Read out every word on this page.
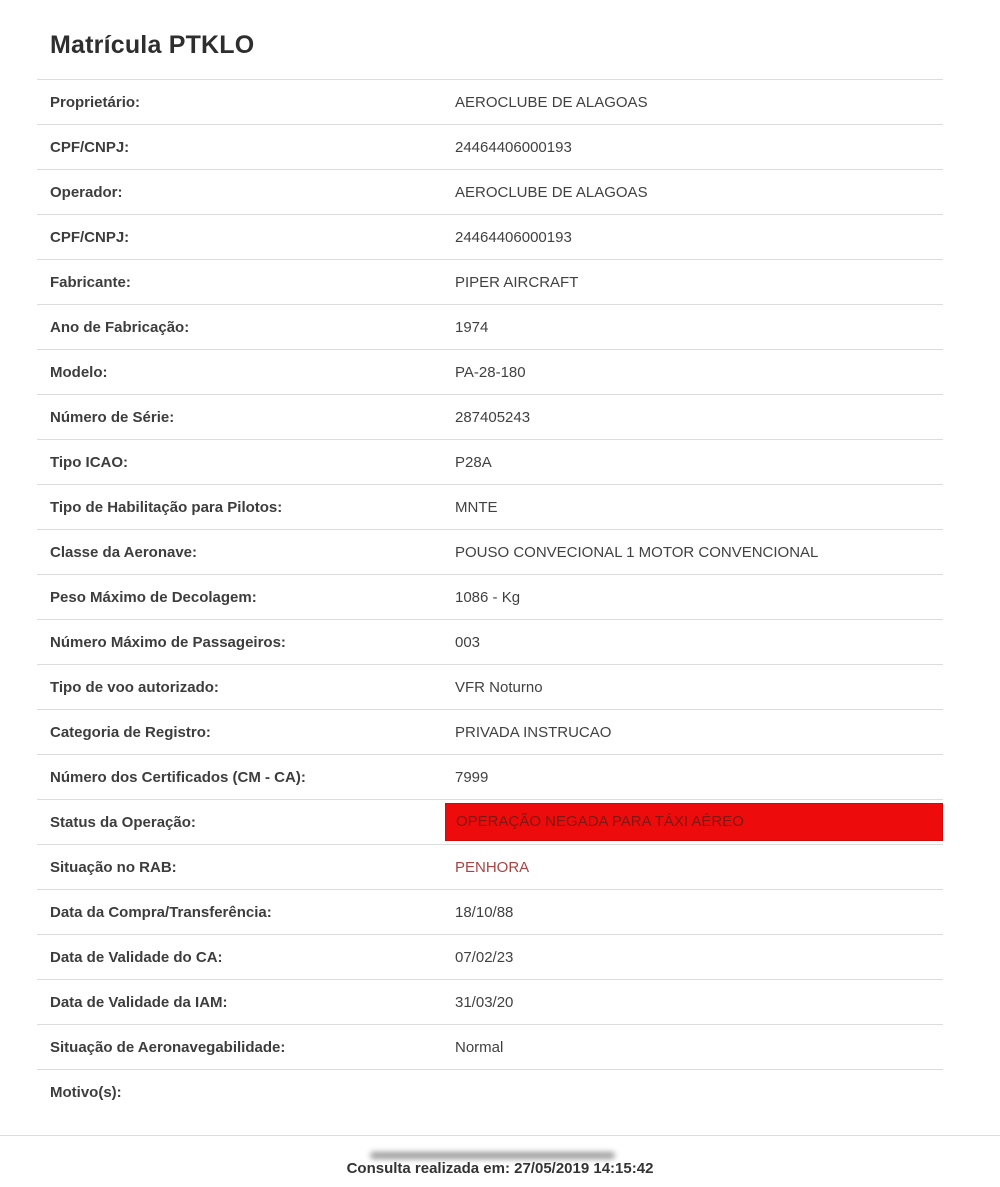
Matrícula PTKLO
Proprietário:	AEROCLUBE DE ALAGOAS
CPF/CNPJ:	24464406000193
Operador:	AEROCLUBE DE ALAGOAS
CPF/CNPJ:	24464406000193
Fabricante:	PIPER AIRCRAFT
Ano de Fabricação:	1974
Modelo:	PA-28-180
Número de Série:	287405243
Tipo ICAO:	P28A
Tipo de Habilitação para Pilotos:	MNTE
Classe da Aeronave:	POUSO CONVECIONAL 1 MOTOR CONVENCIONAL
Peso Máximo de Decolagem:	1086 - Kg
Número Máximo de Passageiros:	003
Tipo de voo autorizado:	VFR Noturno
Categoria de Registro:	PRIVADA INSTRUCAO
Número dos Certificados (CM - CA):	7999
Status da Operação:	OPERAÇÃO NEGADA PARA TÁXI AÉREO
Situação no RAB:	PENHORA
Data da Compra/Transferência:	18/10/88
Data de Validade do CA:	07/02/23
Data de Validade da IAM:	31/03/20
Situação de Aeronavegabilidade:	Normal
Motivo(s):
Consulta realizada em: 27/05/2019 14:15:42
